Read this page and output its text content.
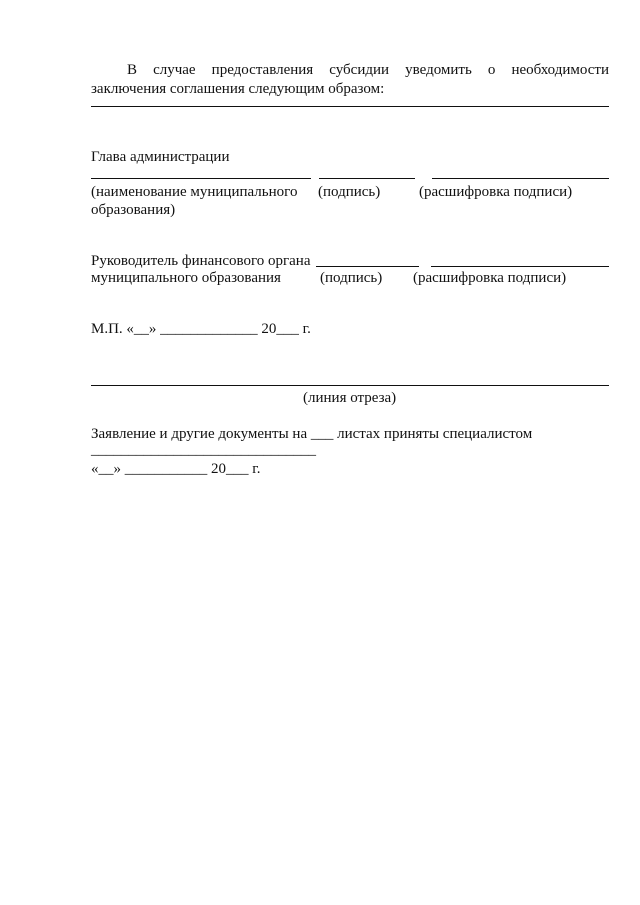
В случае предоставления субсидии уведомить о необходимости
заключения соглашения следующим образом:
Глава администрации
(наименование муниципального
образования)
(подпись)	(расшифровка подписи)
Руководитель финансового органа
муниципального образования	(подпись) (расшифровка подписи)
М.П. «__» _____________ 20___ г.
(линия отреза)
Заявление и другие документы на ___ листах приняты специалистом
______________________________
«__» ___________ 20___ г.
